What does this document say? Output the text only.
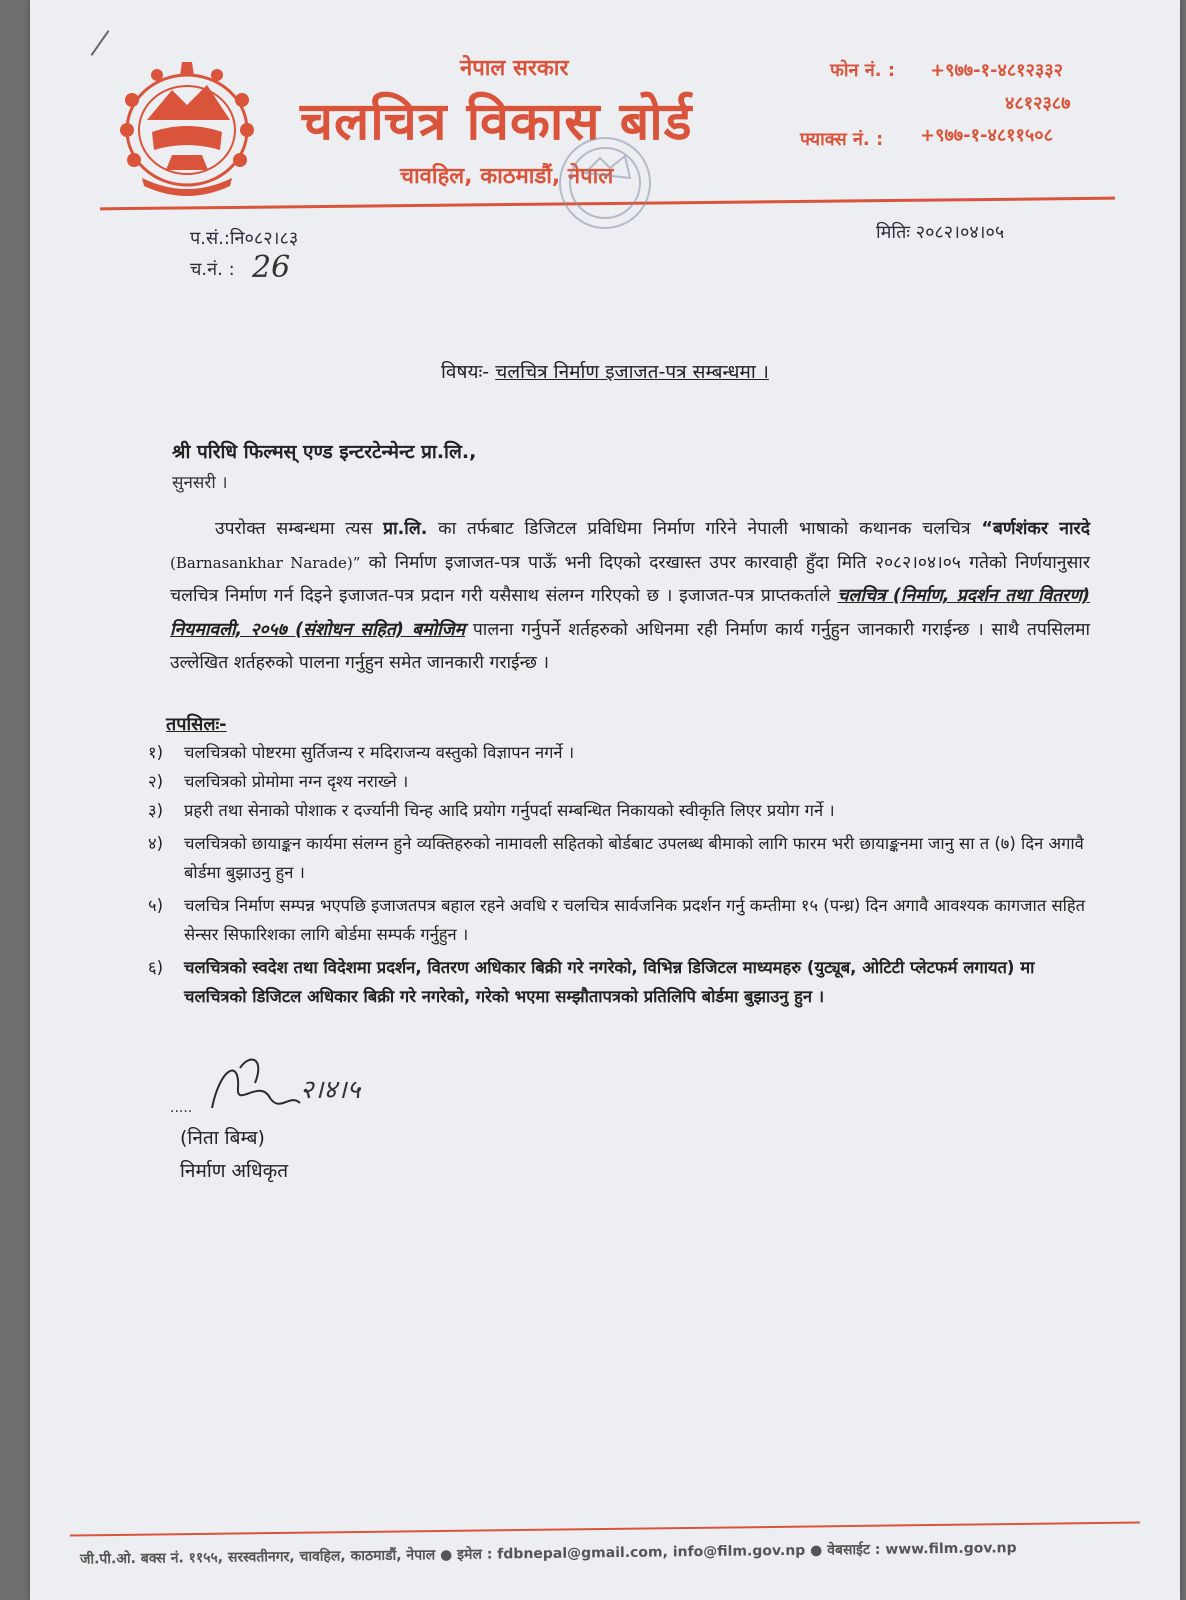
नेपाल सरकार
चलचित्र विकास बोर्ड
चावहिल, काठमाडौं, नेपाल
फोन नं. : +९७७-१-४८१२३३२
४८१२३८७
फ्याक्स नं. : +९७७-१-४८११५०८
प.सं.:नि०८२।८३
च.नं. : 26
मितिः २०८२।०४।०५
विषयः- चलचित्र निर्माण इजाजत-पत्र सम्बन्धमा ।
श्री परिधि फिल्मस् एण्ड इन्टरटेन्मेन्ट प्रा.लि.,
सुनसरी ।
उपरोक्त सम्बन्धमा त्यस प्रा.लि. का तर्फबाट डिजिटल प्रविधिमा निर्माण गरिने नेपाली भाषाको कथानक चलचित्र “बर्णशंकर नारदे (Barnasankhar Narade)” को निर्माण इजाजत-पत्र पाऊँ भनी दिएको दरखास्त उपर कारवाही हुँदा मिति २०८२।०४।०५ गतेको निर्णयानुसार चलचित्र निर्माण गर्न दिइने इजाजत-पत्र प्रदान गरी यसैसाथ संलग्न गरिएको छ । इजाजत-पत्र प्राप्तकर्ताले चलचित्र (निर्माण, प्रदर्शन तथा वितरण) नियमावली, २०५७ (संशोधन सहित) बमोजिम पालना गर्नुपर्ने शर्तहरुको अधिनमा रही निर्माण कार्य गर्नुहुन जानकारी गराईन्छ । साथै तपसिलमा उल्लेखित शर्तहरुको पालना गर्नुहुन समेत जानकारी गराईन्छ ।
तपसिलः-
१)	चलचित्रको पोष्टरमा सुर्तिजन्य र मदिराजन्य वस्तुको विज्ञापन नगर्ने ।
२)	चलचित्रको प्रोमोमा नग्न दृश्य नराख्ने ।
३)	प्रहरी तथा सेनाको पोशाक र दर्ज्यानी चिन्ह आदि प्रयोग गर्नुपर्दा सम्बन्धित निकायको स्वीकृति लिएर प्रयोग गर्ने ।
४)	चलचित्रको छायाङ्कन कार्यमा संलग्न हुने व्यक्तिहरुको नामावली सहितको बोर्डबाट उपलब्ध बीमाको लागि फारम भरी छायाङ्कनमा जानु सा त (७) दिन अगावै बोर्डमा बुझाउनु हुन ।
५)	चलचित्र निर्माण सम्पन्न भएपछि इजाजतपत्र बहाल रहने अवधि र चलचित्र सार्वजनिक प्रदर्शन गर्नु कम्तीमा १५ (पन्ध्र) दिन अगावै आवश्यक कागजात सहित सेन्सर सिफारिशका लागि बोर्डमा सम्पर्क गर्नुहुन ।
६)	चलचित्रको स्वदेश तथा विदेशमा प्रदर्शन, वितरण अधिकार बिक्री गरे नगरेको, विभिन्न डिजिटल माध्यमहरु (युट्यूब, ओटिटी प्लेटफर्म लगायत) मा चलचित्रको डिजिटल अधिकार बिक्री गरे नगरेको, गरेको भएमा सम्झौतापत्रको प्रतिलिपि बोर्डमा बुझाउनु हुन ।
.....
२।४।५
(निता बिम्ब)
निर्माण अधिकृत
जी.पी.ओ. बक्स नं. ११५५, सरस्वतीनगर, चावहिल, काठमाडौं, नेपाल ● इमेल : fdbnepal@gmail.com, info@film.gov.np ● वेबसाईट : www.film.gov.np
